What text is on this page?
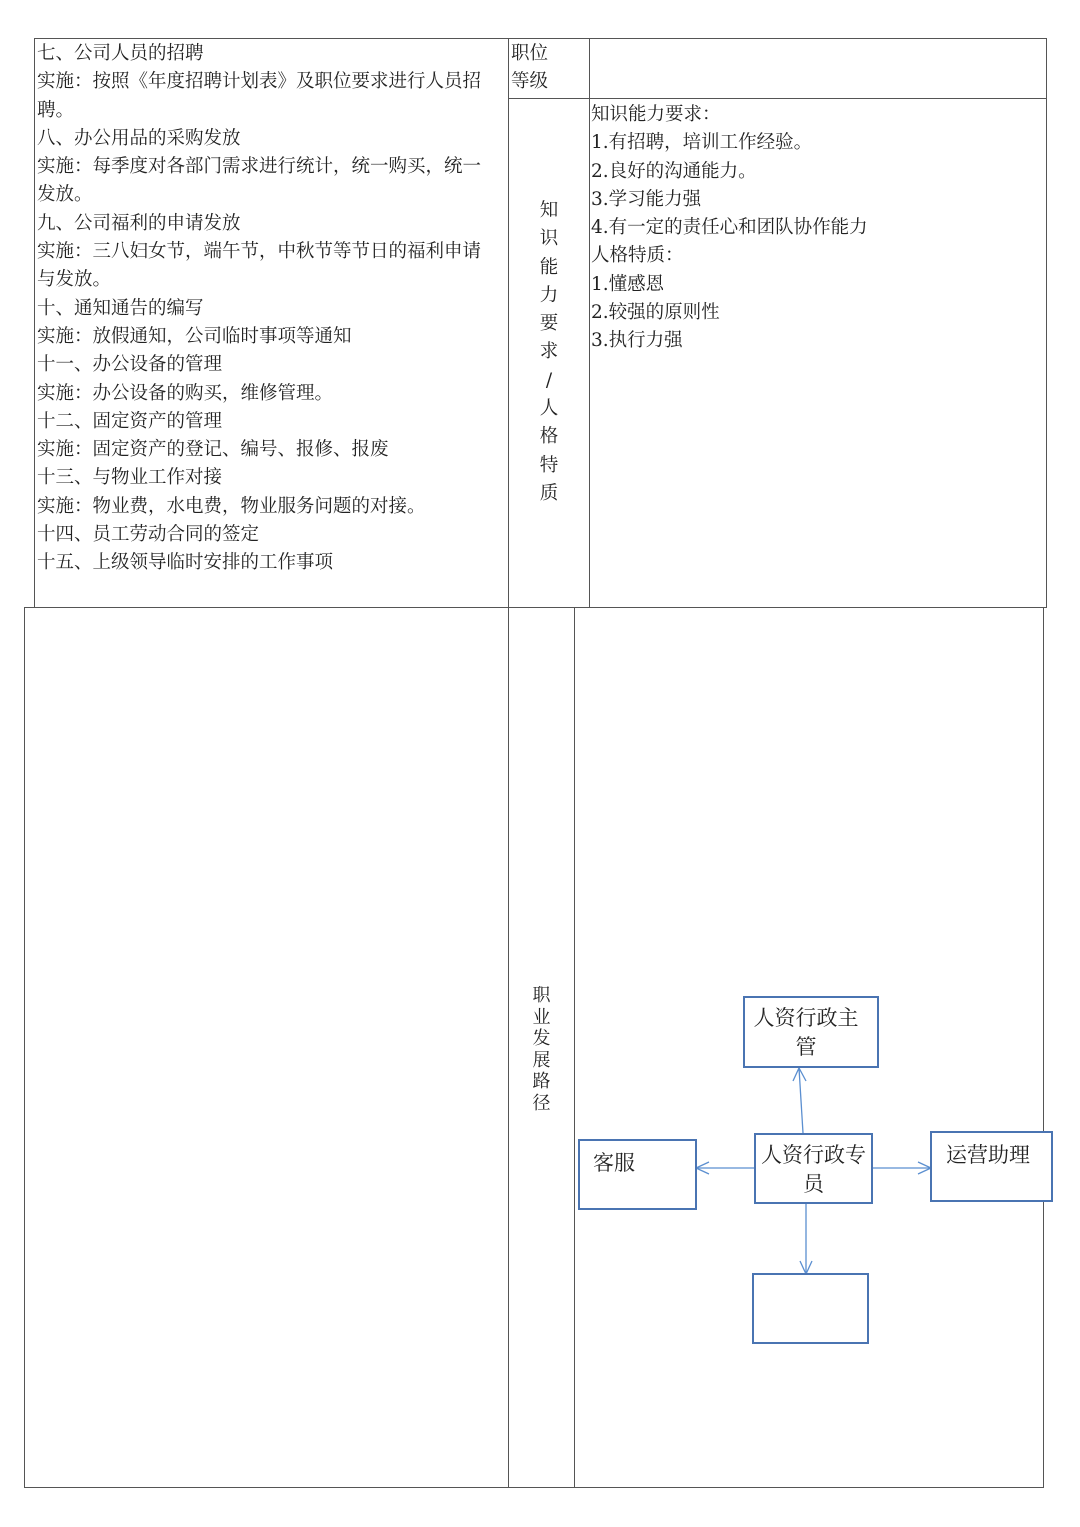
七、公司人员的招聘
实施：按照《年度招聘计划表》及职位要求进行人员招
聘。
八、办公用品的采购发放
实施：每季度对各部门需求进行统计，统一购买，统一
发放。
九、公司福利的申请发放
实施：三八妇女节，端午节，中秋节等节日的福利申请
与发放。
十、通知通告的编写
实施：放假通知，公司临时事项等通知
十一、办公设备的管理
实施：办公设备的购买，维修管理。
十二、固定资产的管理
实施：固定资产的登记、编号、报修、报废
十三、与物业工作对接
实施：物业费，水电费，物业服务问题的对接。
十四、员工劳动合同的签定
十五、上级领导临时安排的工作事项
职位
等级
知
识
能
力
要
求
/
人
格
特
质
知识能力要求：
1.有招聘，培训工作经验。
2.良好的沟通能力。
3.学习能力强
4.有一定的责任心和团队协作能力
人格特质：
1.懂感恩
2.较强的原则性
3.执行力强
职
业
发
展
路
径
人资行政主管
人资行政专员
客服	运营助理
